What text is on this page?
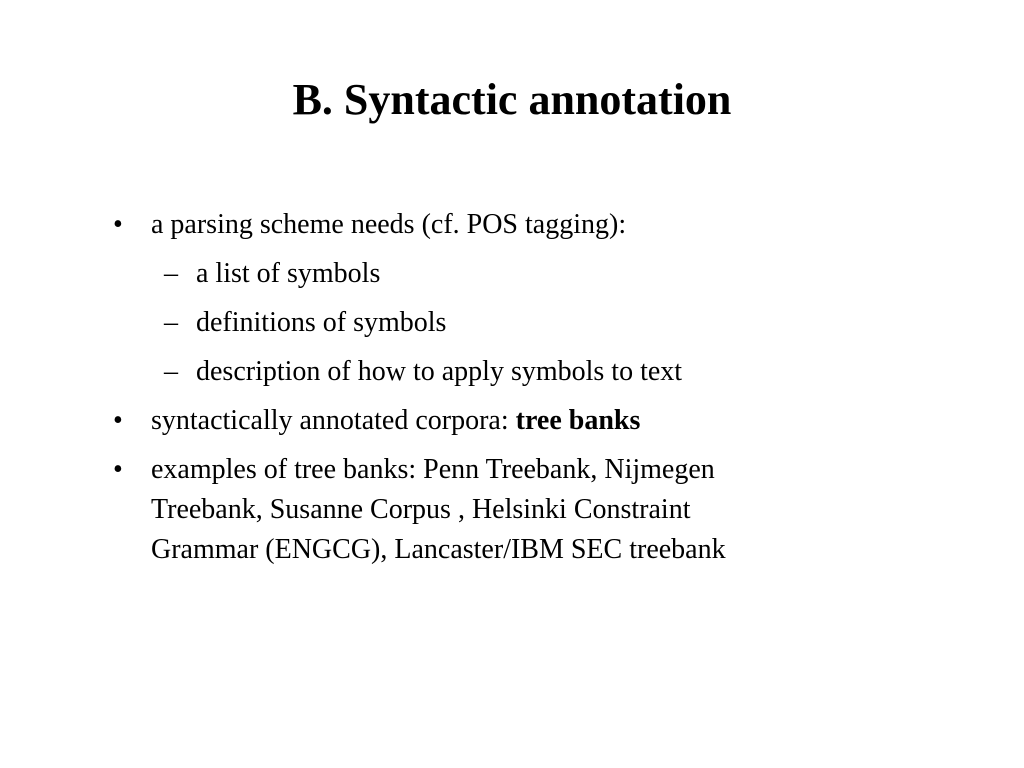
B. Syntactic annotation
• a parsing scheme needs (cf. POS tagging):
– a list of symbols
– definitions of symbols
– description of how to apply symbols to text
• syntactically annotated corpora: tree banks
• examples of tree banks: Penn Treebank, Nijmegen
Treebank, Susanne Corpus , Helsinki Constraint
Grammar (ENGCG), Lancaster/IBM SEC treebank
